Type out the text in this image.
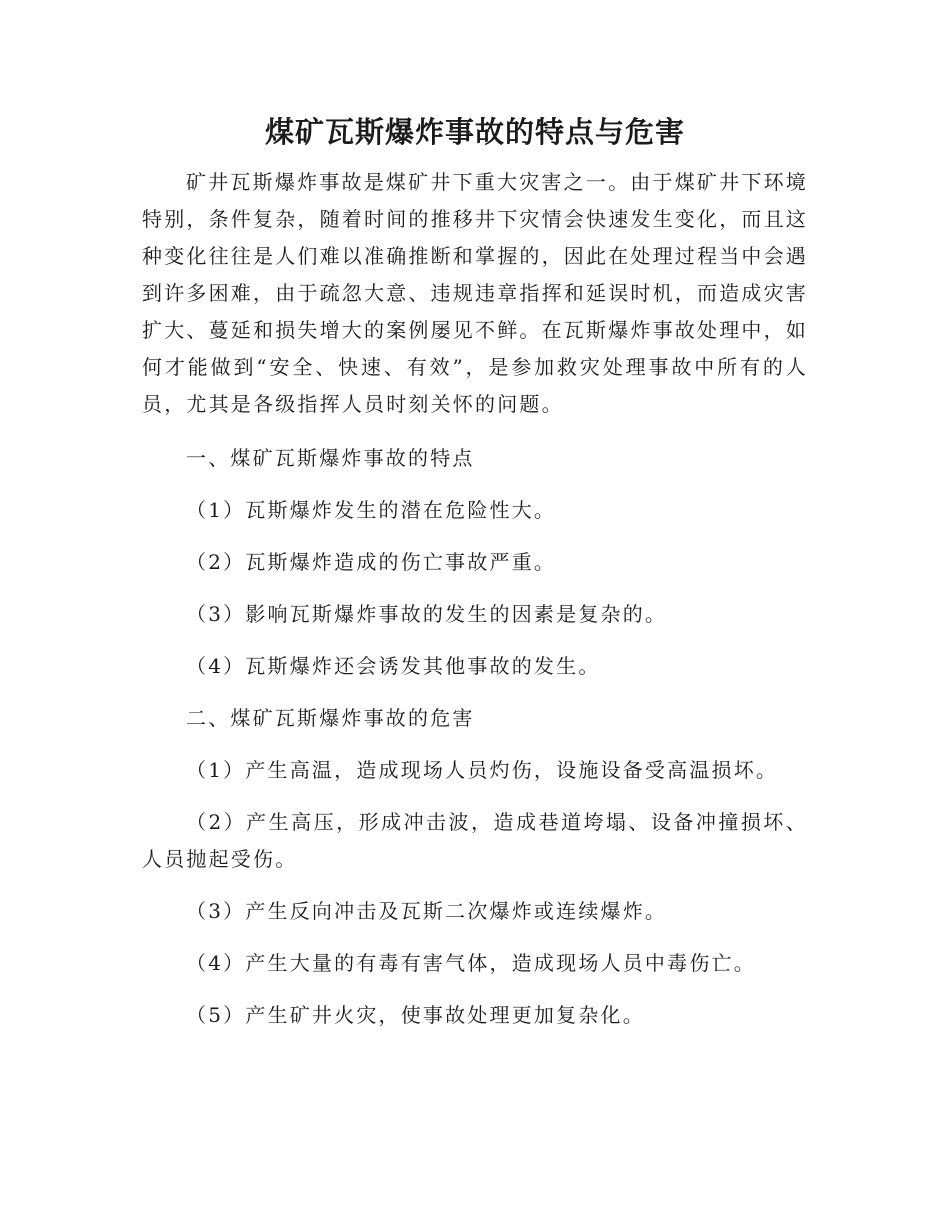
煤矿瓦斯爆炸事故的特点与危害

矿井瓦斯爆炸事故是煤矿井下重大灾害之一。由于煤矿井下环境特别，条件复杂，随着时间的推移井下灾情会快速发生变化，而且这种变化往往是人们难以准确推断和掌握的，因此在处理过程当中会遇到许多困难，由于疏忽大意、违规违章指挥和延误时机，而造成灾害扩大、蔓延和损失增大的案例屡见不鲜。在瓦斯爆炸事故处理中，如何才能做到“安全、快速、有效”，是参加救灾处理事故中所有的人员，尤其是各级指挥人员时刻关怀的问题。

一、煤矿瓦斯爆炸事故的特点

（1）瓦斯爆炸发生的潜在危险性大。

（2）瓦斯爆炸造成的伤亡事故严重。

（3）影响瓦斯爆炸事故的发生的因素是复杂的。

（4）瓦斯爆炸还会诱发其他事故的发生。

二、煤矿瓦斯爆炸事故的危害

（1）产生高温，造成现场人员灼伤，设施设备受高温损坏。

（2）产生高压，形成冲击波，造成巷道垮塌、设备冲撞损坏、人员抛起受伤。

（3）产生反向冲击及瓦斯二次爆炸或连续爆炸。

（4）产生大量的有毒有害气体，造成现场人员中毒伤亡。

（5）产生矿井火灾，使事故处理更加复杂化。
